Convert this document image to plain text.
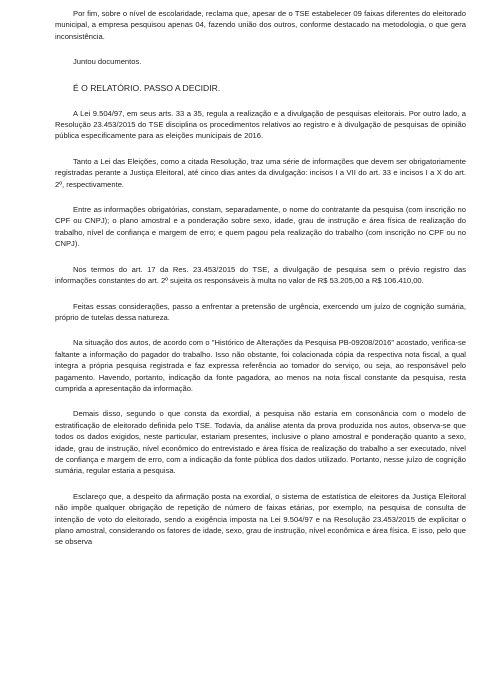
Por fim, sobre o nível de escolaridade, reclama que, apesar de o TSE estabelecer 09 faixas diferentes do eleitorado municipal, a empresa pesquisou apenas 04, fazendo união dos outros, conforme destacado na metodologia, o que gera inconsistência.

Juntou documentos.

É O RELATÓRIO. PASSO A DECIDIR.

A Lei 9.504/97, em seus arts. 33 a 35, regula a realização e a divulgação de pesquisas eleitorais. Por outro lado, a Resolução 23.453/2015 do TSE disciplina os procedimentos relativos ao registro e à divulgação de pesquisas de opinião pública especificamente para as eleições municipais de 2016.

Tanto a Lei das Eleições, como a citada Resolução, traz uma série de informações que devem ser obrigatoriamente registradas perante a Justiça Eleitoral, até cinco dias antes da divulgação: incisos I a VII do art. 33 e incisos I a X do art. 2º, respectivamente.

Entre as informações obrigatórias, constam, separadamente, o nome do contratante da pesquisa (com inscrição no CPF ou CNPJ); o plano amostral e a ponderação sobre sexo, idade, grau de instrução e área física de realização do trabalho, nível de confiança e margem de erro; e quem pagou pela realização do trabalho (com inscrição no CPF ou no CNPJ).

Nos termos do art. 17 da Res. 23.453/2015 do TSE, a divulgação de pesquisa sem o prévio registro das informações constantes do art. 2º sujeita os responsáveis à multa no valor de R$ 53.205,00 a R$ 106.410,00.

Feitas essas considerações, passo a enfrentar a pretensão de urgência, exercendo um juízo de cognição sumária, próprio de tutelas dessa natureza.

Na situação dos autos, de acordo com o "Histórico de Alterações da Pesquisa PB-09208/2016" acostado, verifica-se faltante a informação do pagador do trabalho. Isso não obstante, foi colacionada cópia da respectiva nota fiscal, a qual integra a própria pesquisa registrada e faz expressa referência ao tomador do serviço, ou seja, ao responsável pelo pagamento. Havendo, portanto, indicação da fonte pagadora, ao menos na nota fiscal constante da pesquisa, resta cumprida a apresentação da informação.

Demais disso, segundo o que consta da exordial, a pesquisa não estaria em consonância com o modelo de estratificação de eleitorado definida pelo TSE. Todavia, da análise atenta da prova produzida nos autos, observa-se que todos os dados exigidos, neste particular, estariam presentes, inclusive o plano amostral e ponderação quanto a sexo, idade, grau de instrução, nível econômico do entrevistado e área física de realização do trabalho a ser executado, nível de confiança e margem de erro, com a indicação da fonte pública dos dados utilizado. Portanto, nesse juízo de cognição sumária, regular estaria a pesquisa.

Esclareço que, a despeito da afirmação posta na exordial, o sistema de estatística de eleitores da Justiça Eleitoral não impõe qualquer obrigação de repetição de número de faixas etárias, por exemplo, na pesquisa de consulta de intenção de voto do eleitorado, sendo a exigência imposta na Lei 9.504/97 e na Resolução 23.453/2015 de explicitar o plano amostral, considerando os fatores de idade, sexo, grau de instrução, nível econômica e área física. E isso, pelo que se observa
